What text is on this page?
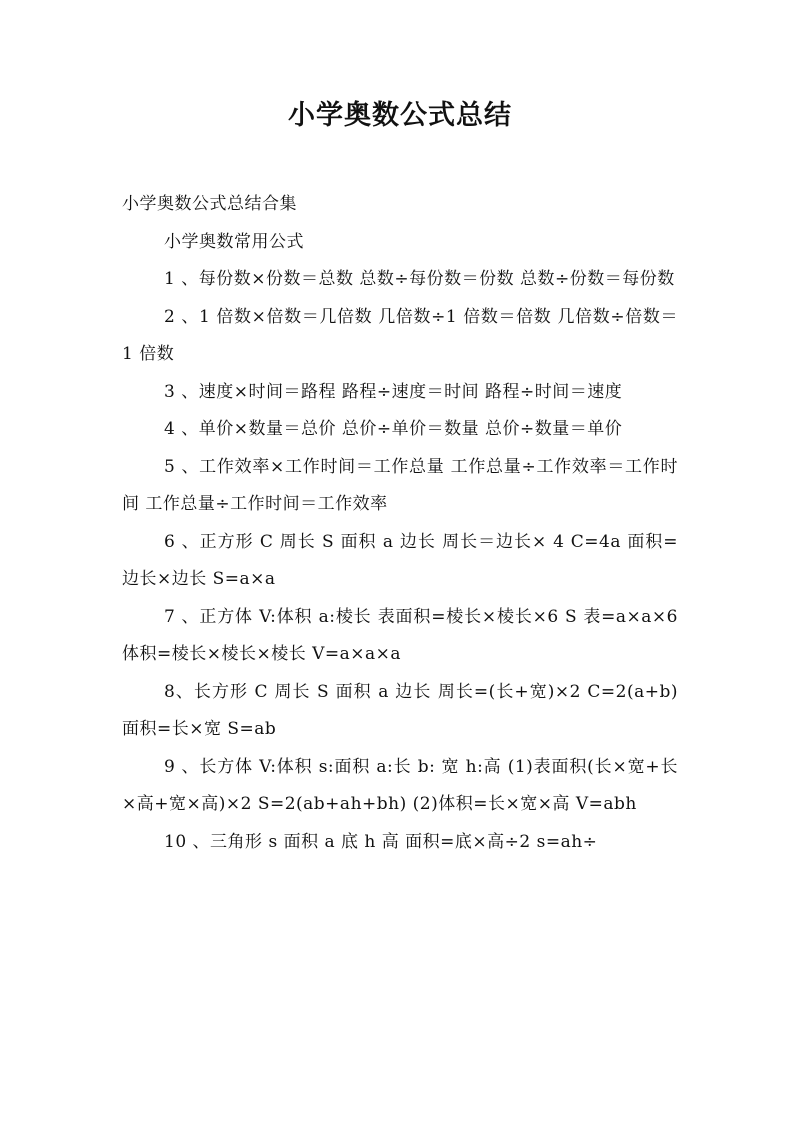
小学奥数公式总结

小学奥数公式总结合集

小学奥数常用公式

1 、每份数×份数＝总数 总数÷每份数＝份数 总数÷份数＝每份数

2 、1 倍数×倍数＝几倍数 几倍数÷1 倍数＝倍数 几倍数÷倍数＝1 倍数

3 、速度×时间＝路程 路程÷速度＝时间 路程÷时间＝速度

4 、单价×数量＝总价 总价÷单价＝数量 总价÷数量＝单价

5 、工作效率×工作时间＝工作总量 工作总量÷工作效率＝工作时间 工作总量÷工作时间＝工作效率

6 、正方形 C 周长 S 面积 a 边长 周长＝边长× 4 C=4a 面积=边长×边长 S=a×a

7 、正方体 V:体积 a:棱长 表面积=棱长×棱长×6 S 表=a×a×6 体积=棱长×棱长×棱长 V=a×a×a

8、长方形 C 周长 S 面积 a 边长 周长=(长+宽)×2 C=2(a+b) 面积=长×宽 S=ab

9 、长方体 V:体积 s:面积 a:长 b: 宽 h:高 (1)表面积(长×宽+长×高+宽×高)×2 S=2(ab+ah+bh) (2)体积=长×宽×高 V=abh

10 、三角形 s 面积 a 底 h 高 面积=底×高÷2 s=ah÷
